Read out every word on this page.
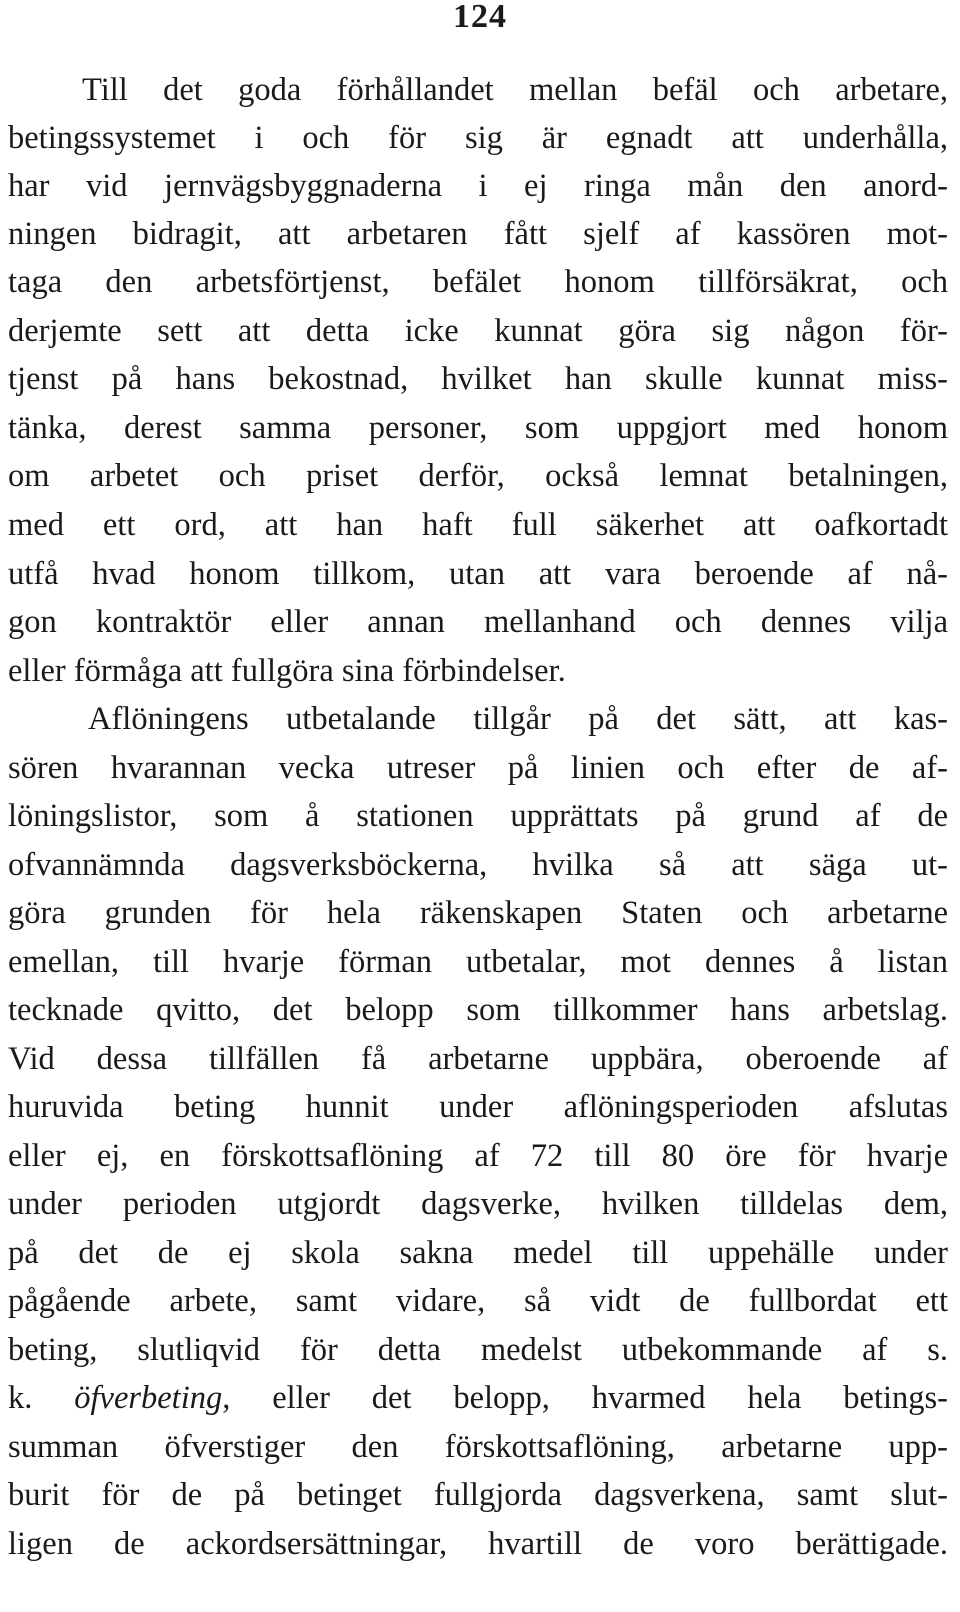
124
Till det goda förhållandet mellan befäl och arbetare,
betingssystemet i och för sig är egnadt att underhålla,
har vid jernvägsbyggnaderna i ej ringa mån den anord-
ningen bidragit, att arbetaren fått sjelf af kassören mot-
taga den arbetsförtjenst, befälet honom tillförsäkrat, och
derjemte sett att detta icke kunnat göra sig någon för-
tjenst på hans bekostnad, hvilket han skulle kunnat miss-
tänka, derest samma personer, som uppgjort med honom
om arbetet och priset derför, också lemnat betalningen,
med ett ord, att han haft full säkerhet att oafkortadt
utfå hvad honom tillkom, utan att vara beroende af nå-
gon kontraktör eller annan mellanhand och dennes vilja
eller förmåga att fullgöra sina förbindelser.
Aflöningens utbetalande tillgår på det sätt, att kas-
sören hvarannan vecka utreser på linien och efter de af-
löningslistor, som å stationen upprättats på grund af de
ofvannämnda dagsverksböckerna, hvilka så att säga ut-
göra grunden för hela räkenskapen Staten och arbetarne
emellan, till hvarje förman utbetalar, mot dennes å listan
tecknade qvitto, det belopp som tillkommer hans arbetslag.
Vid dessa tillfällen få arbetarne uppbära, oberoende af
huruvida beting hunnit under aflöningsperioden afslutas
eller ej, en förskottsaflöning af 72 till 80 öre för hvarje
under perioden utgjordt dagsverke, hvilken tilldelas dem,
på det de ej skola sakna medel till uppehälle under
pågående arbete, samt vidare, så vidt de fullbordat ett
beting, slutliqvid för detta medelst utbekommande af s.
k. öfverbeting, eller det belopp, hvarmed hela betings-
summan öfverstiger den förskottsaflöning, arbetarne upp-
burit för de på betinget fullgjorda dagsverkena, samt slut-
ligen de ackordsersättningar, hvartill de voro berättigade.
